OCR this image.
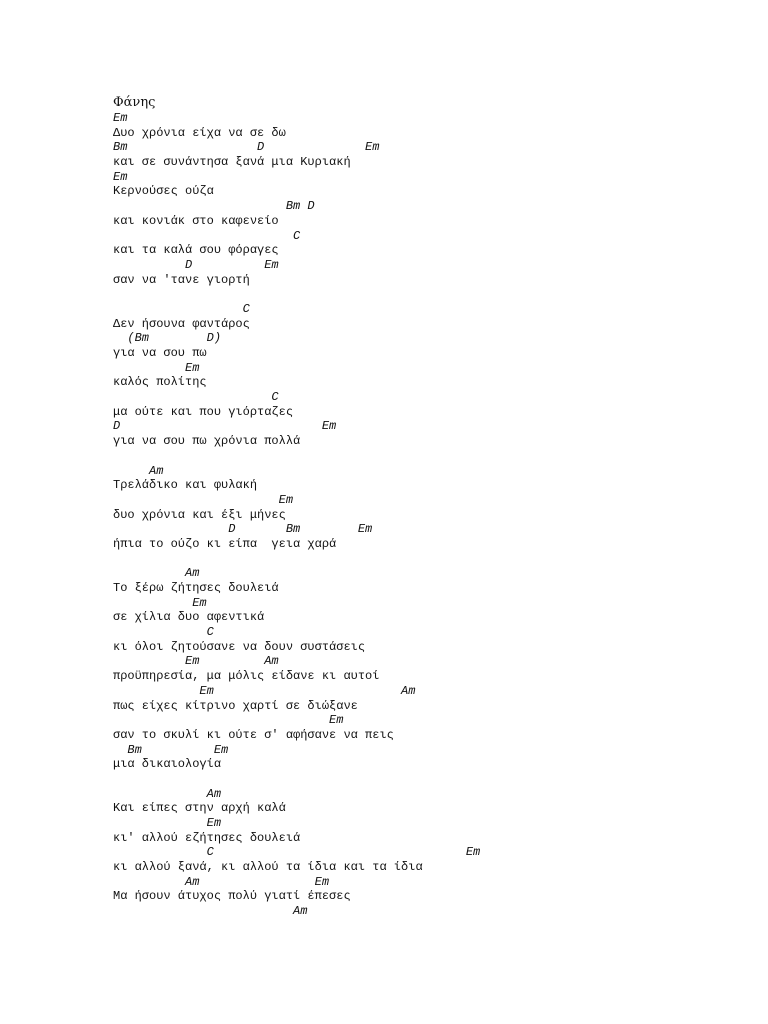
Φάνης
Em
Δυο χρόνια είχα να σε δω
Bm                  D              Em
και σε συνάντησα ξανά μια Κυριακή
Em
Κερνούσες ούζα
Bm D
και κονιάκ στο καφενείο
C
και τα καλά σου φόραγες
D          Em
σαν να 'τανε γιορτή
C
Δεν ήσουνα φαντάρος
(Bm        D)
για να σου πω
Em
καλός πολίτης
C
μα ούτε και που γιόρταζες
D                            Em
για να σου πω χρόνια πολλά
Am
Τρελάδικο και φυλακή
Em
δυο χρόνια και έξι μήνες
D       Bm        Em
ήπια το ούζο κι είπα  γεια χαρά
Am
Το ξέρω ζήτησες δουλειά
Em
σε χίλια δυο αφεντικά
C
κι όλοι ζητούσανε να δουν συστάσεις
Em         Am
προϋπηρεσία, μα μόλις είδανε κι αυτοί
Em                          Am
πως είχες κίτρινο χαρτί σε διώξανε
Em
σαν το σκυλί κι ούτε σ' αφήσανε να πεις
Bm          Em
μια δικαιολογία
Am
Και είπες στην αρχή καλά
Em
κι' αλλού εζήτησες δουλειά
C                                   Em
κι αλλού ξανά, κι αλλού τα ίδια και τα ίδια
Am                Em
Μα ήσουν άτυχος πολύ γιατί έπεσες
Am
